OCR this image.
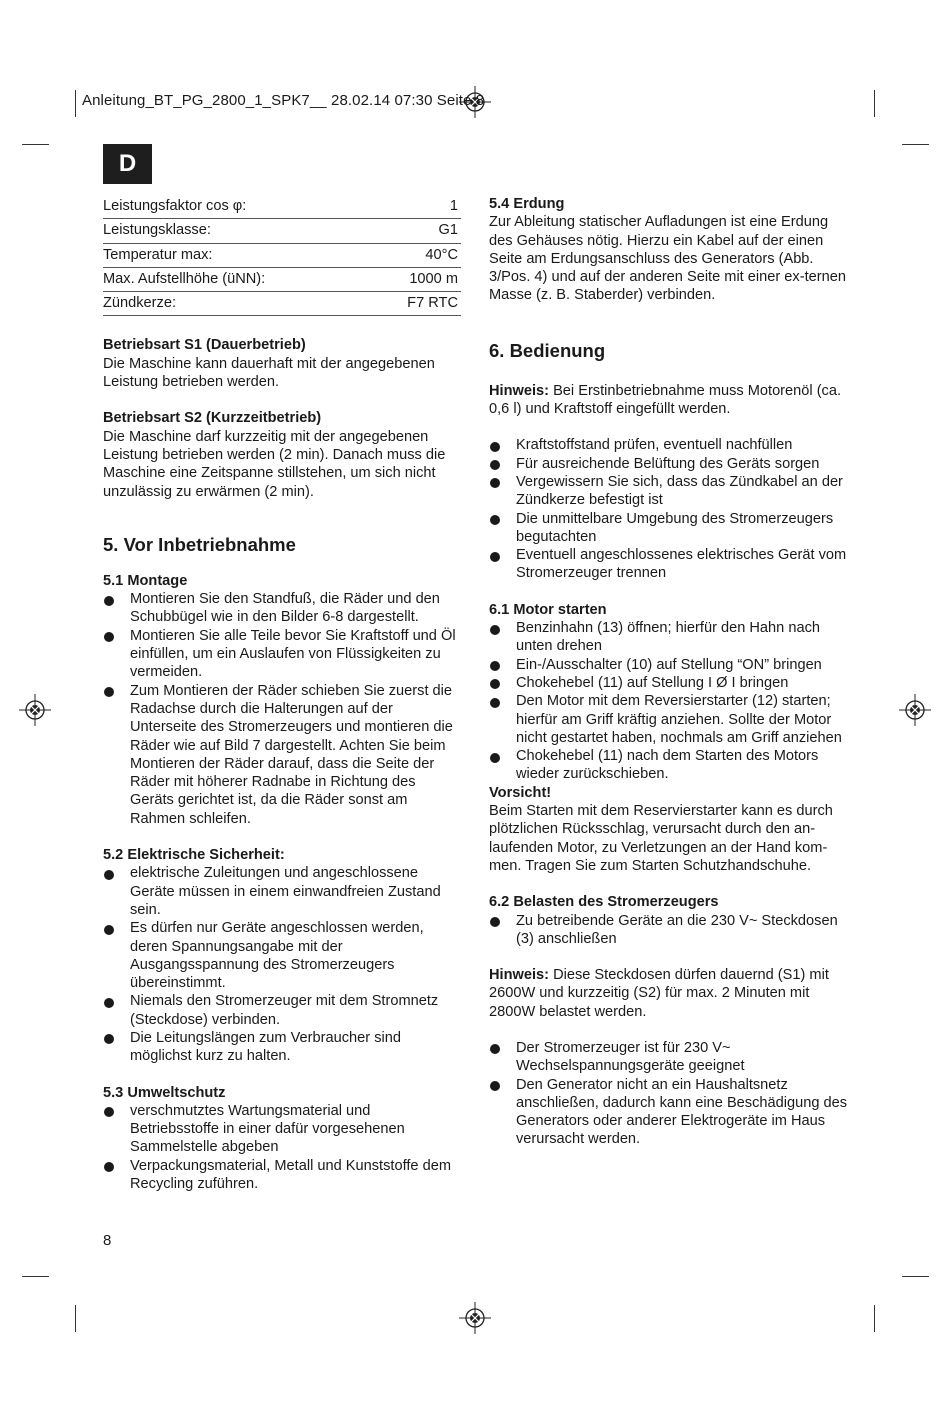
Anleitung_BT_PG_2800_1_SPK7__ 28.02.14 07:30 Seite 8
D
Leistungsfaktor cos φ:	1
Leistungsklasse:	G1
Temperatur max:	40°C
Max. Aufstellhöhe (üNN):	1000 m
Zündkerze:	F7 RTC

Betriebsart S1 (Dauerbetrieb)

Die Maschine kann dauerhaft mit der angegebenen Leistung betrieben werden.

Betriebsart S2 (Kurzzeitbetrieb)

Die Maschine darf kurzzeitig mit der angegebenen Leistung betrieben werden (2 min). Danach muss die Maschine eine Zeitspanne stillstehen, um sich nicht unzulässig zu erwärmen (2 min).

5. Vor Inbetriebnahme

5.1 Montage

Montieren Sie den Standfuß, die Räder und den Schubbügel wie in den Bilder 6-8 dargestellt.
Montieren Sie alle Teile bevor Sie Kraftstoff und Öl einfüllen, um ein Auslaufen von Flüssigkeiten zu vermeiden.
Zum Montieren der Räder schieben Sie zuerst die Radachse durch die Halterungen auf der Unterseite des Stromerzeugers und montieren die Räder wie auf Bild 7 dargestellt. Achten Sie beim Montieren der Räder darauf, dass die Seite der Räder mit höherer Radnabe in Richtung des Geräts gerichtet ist, da die Räder sonst am Rahmen schleifen.

5.2 Elektrische Sicherheit:

elektrische Zuleitungen und angeschlossene Geräte müssen in einem einwandfreien Zustand sein.
Es dürfen nur Geräte angeschlossen werden, deren Spannungsangabe mit der Ausgangsspannung des Stromerzeugers übereinstimmt.
Niemals den Stromerzeuger mit dem Stromnetz (Steckdose) verbinden.
Die Leitungslängen zum Verbraucher sind möglichst kurz zu halten.

5.3 Umweltschutz

verschmutztes Wartungsmaterial und Betriebsstoffe in einer dafür vorgesehenen Sammelstelle abgeben
Verpackungsmaterial, Metall und Kunststoffe dem Recycling zuführen.

5.4 Erdung

Zur Ableitung statischer Aufladungen ist eine Erdung des Gehäuses nötig. Hierzu ein Kabel auf der einen Seite am Erdungsanschluss des Generators (Abb. 3/Pos. 4) und auf der anderen Seite mit einer ex-ternen Masse (z. B. Staberder) verbinden.

6. Bedienung

Hinweis: Bei Erstinbetriebnahme muss Motorenöl (ca. 0,6 l) und Kraftstoff eingefüllt werden.

Kraftstoffstand prüfen, eventuell nachfüllen
Für ausreichende Belüftung des Geräts sorgen
Vergewissern Sie sich, dass das Zündkabel an der Zündkerze befestigt ist
Die unmittelbare Umgebung des Stromerzeugers begutachten
Eventuell angeschlossenes elektrisches Gerät vom Stromerzeuger trennen

6.1 Motor starten

Benzinhahn (13) öffnen; hierfür den Hahn nach unten drehen
Ein-/Ausschalter (10) auf Stellung “ON” bringen
Chokehebel (11) auf Stellung I Ø I bringen
Den Motor mit dem Reversierstarter (12) starten; hierfür am Griff kräftig anziehen. Sollte der Motor nicht gestartet haben, nochmals am Griff anziehen
Chokehebel (11) nach dem Starten des Motors wieder zurückschieben.

Vorsicht!

Beim Starten mit dem Reservierstarter kann es durch plötzlichen Rücksschlag, verursacht durch den an-laufenden Motor, zu Verletzungen an der Hand kom-men. Tragen Sie zum Starten Schutzhandschuhe.

6.2 Belasten des Stromerzeugers

Zu betreibende Geräte an die 230 V~ Steckdosen (3) anschließen

Hinweis: Diese Steckdosen dürfen dauernd (S1) mit 2600W und kurzzeitig (S2) für max. 2 Minuten mit 2800W belastet werden.

Der Stromerzeuger ist für 230 V~ Wechselspannungsgeräte geeignet
Den Generator nicht an ein Haushaltsnetz anschließen, dadurch kann eine Beschädigung des Generators oder anderer Elektrogeräte im Haus verursacht werden.
8
